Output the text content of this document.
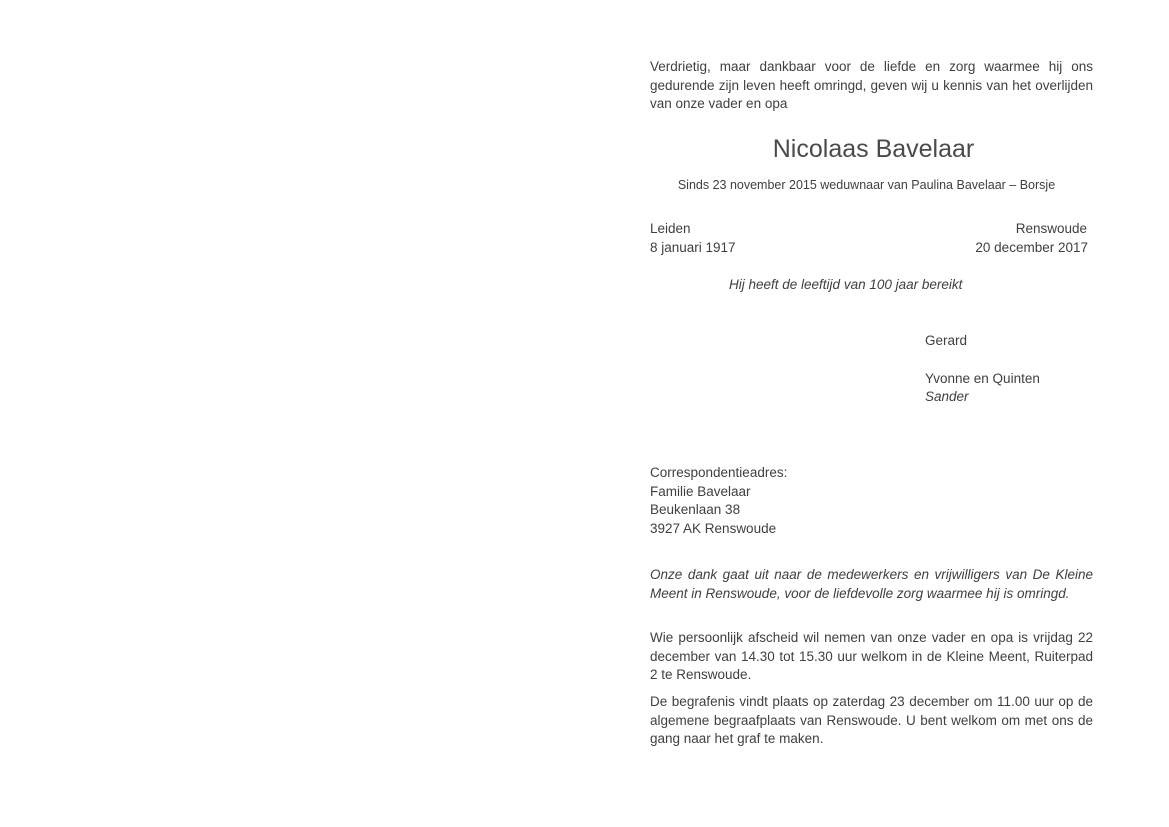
Verdrietig, maar dankbaar voor de liefde en zorg waarmee hij ons gedurende zijn leven heeft omringd, geven wij u kennis van het overlijden van onze vader en opa
Nicolaas Bavelaar
Sinds 23 november 2015 weduwnaar van Paulina Bavelaar – Borsje
Leiden
8 januari 1917
Renswoude
20 december 2017
Hij heeft de leeftijd van 100 jaar bereikt
Gerard
Yvonne en Quinten
Sander
Correspondentieadres:
Familie Bavelaar
Beukenlaan 38
3927 AK Renswoude
Onze dank gaat uit naar de medewerkers en vrijwilligers van De Kleine Meent in Renswoude, voor de liefdevolle zorg waarmee hij is omringd.
Wie persoonlijk afscheid wil nemen van onze vader en opa is vrijdag 22 december van 14.30 tot 15.30 uur welkom in de Kleine Meent, Ruiterpad 2 te Renswoude.
De begrafenis vindt plaats op zaterdag 23 december om 11.00 uur op de algemene begraafplaats van Renswoude. U bent welkom om met ons de gang naar het graf te maken.
